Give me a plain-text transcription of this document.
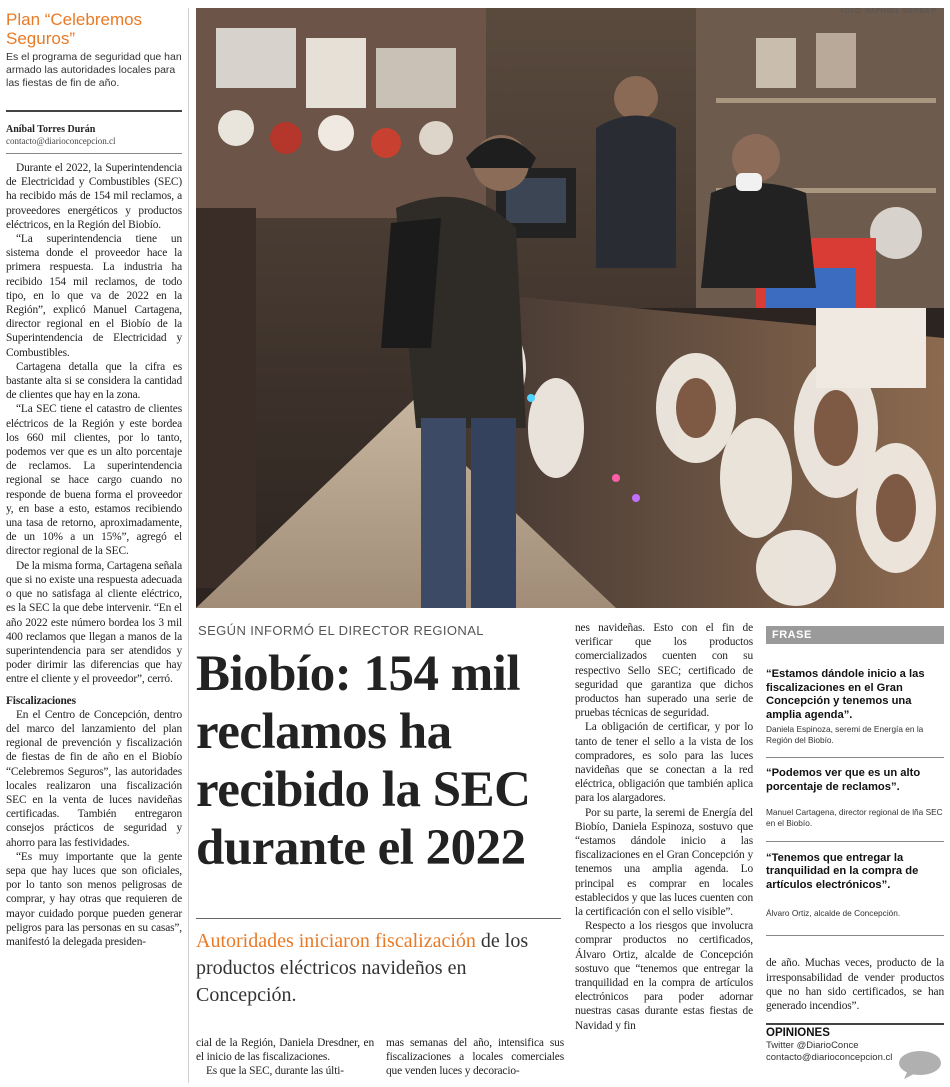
Plan “Celebremos Seguros”
Es el programa de seguridad que han armado las autoridades locales para las fiestas de fin de año.
Aníbal Torres Durán
contacto@diarioconcepcion.cl

Durante el 2022, la Superintendencia de Electricidad y Combustibles (SEC) ha recibido más de 154 mil reclamos, a proveedores energéticos y productos eléctricos, en la Región del Biobío.

“La superintendencia tiene un sistema donde el proveedor hace la primera respuesta. La industria ha recibido 154 mil reclamos, de todo tipo, en lo que va de 2022 en la Región”, explicó Manuel Cartagena, director regional en el Biobío de la Superintendencia de Electricidad y Combustibles.

Cartagena detalla que la cifra es bastante alta si se considera la cantidad de clientes que hay en la zona.

“La SEC tiene el catastro de clientes eléctricos de la Región y este bordea los 660 mil clientes, por lo tanto, podemos ver que es un alto porcentaje de reclamos. La superintendencia regional se hace cargo cuando no responde de buena forma el proveedor y, en base a esto, estamos recibiendo una tasa de retorno, aproximadamente, de un 10% a un 15%”, agregó el director regional de la SEC.

De la misma forma, Cartagena señala que si no existe una respuesta adecuada o que no satisfaga al cliente eléctrico, es la SEC la que debe intervenir. “En el año 2022 este número bordea los 3 mil 400 reclamos que llegan a manos de la superintendencia para ser atendidos y poder dirimir las diferencias que hay entre el cliente y el proveedor”, cerró.

Fiscalizaciones

En el Centro de Concepción, dentro del marco del lanzamiento del plan regional de prevención y fiscalización de fiestas de fin de año en el Biobío “Celebremos Seguros”, las autoridades locales realizaron una fiscalización SEC en la venta de luces navideñas certificadas. También entregaron consejos prácticos de seguridad y ahorro para las festividades.

“Es muy importante que la gente sepa que hay luces que son oficiales, por lo tanto son menos peligrosas de comprar, y hay otras que requieren de mayor cuidado porque pueden generar peligros para las personas en su casas”, manifestó la delegada presiden-

FOTO: RAPHAEL SIERRA P.
SEGÚN INFORMÓ EL DIRECTOR REGIONAL
Biobío: 154 mil reclamos ha recibido la SEC durante el 2022
Autoridades iniciaron fiscalización de los productos eléctricos navideños en Concepción.

cial de la Región, Daniela Dresdner, en el inicio de las fiscalizaciones.

Es que la SEC, durante las últi-

mas semanas del año, intensifica sus fiscalizaciones a locales comerciales que venden luces y decoracio-

nes navideñas. Esto con el fin de verificar que los productos comercializados cuenten con su respectivo Sello SEC; certificado de seguridad que garantiza que dichos productos han superado una serie de pruebas técnicas de seguridad.

La obligación de certificar, y por lo tanto de tener el sello a la vista de los compradores, es solo para las luces navideñas que se conectan a la red eléctrica, obligación que también aplica para los alargadores.

Por su parte, la seremi de Energía del Biobío, Daniela Espinoza, sostuvo que “estamos dándole inicio a las fiscalizaciones en el Gran Concepción y tenemos una amplia agenda. Lo principal es comprar en locales establecidos y que las luces cuenten con la certificación con el sello visible”.

Respecto a los riesgos que involucra comprar productos no certificados, Álvaro Ortiz, alcalde de Concepción sostuvo que “tenemos que entregar la tranquilidad en la compra de artículos electrónicos para poder adornar nuestras casas durante estas fiestas de Navidad y fin

FRASE
“Estamos dándole inicio a las fiscalizaciones en el Gran Concepción y tenemos una amplia agenda”.
Daniela Espinoza, seremi de Energía en la Región del Biobío.
“Podemos ver que es un alto porcentaje de reclamos”.
Manuel Cartagena, director regional de lña SEC en el Biobío.
“Tenemos que entregar la tranquilidad en la compra de artículos electrónicos”.
Álvaro Ortiz, alcalde de Concepción.

de año. Muchas veces, producto de la irresponsabilidad de vender productos que no han sido certificados, se han generado incendios”.

OPINIONES
Twitter @DiarioConce
contacto@diarioconcepcion.cl
